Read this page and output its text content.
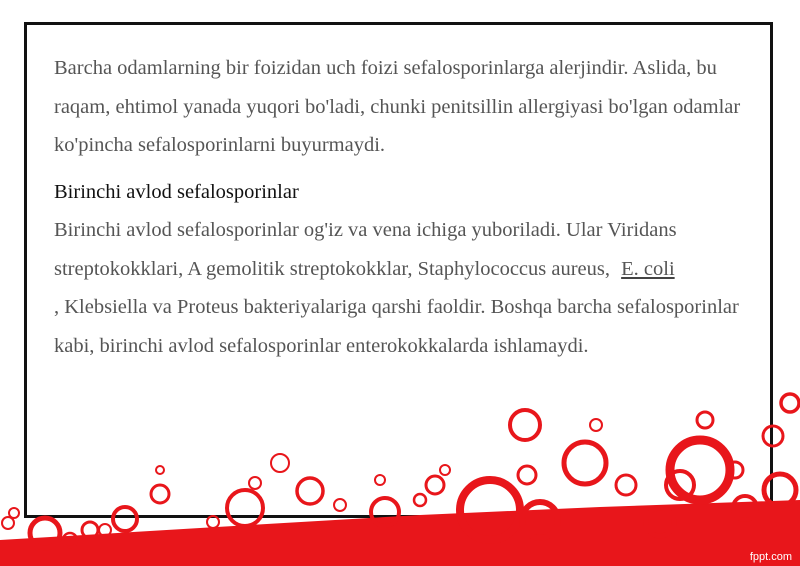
Barcha odamlarning bir foizidan uch foizi sefalosporinlarga alerjindir. Aslida, bu raqam, ehtimol yanada yuqori bo'ladi, chunki penitsillin allergiyasi bo'lgan odamlar ko'pincha sefalosporinlarni buyurmaydi.

Birinchi avlod sefalosporinlar

Birinchi avlod sefalosporinlar og'iz va vena ichiga yuboriladi. Ular Viridans streptokokklari, A gemolitik streptokokklar, Staphylococcus aureus, E. coli
, Klebsiella va Proteus bakteriyalariga qarshi faoldir. Boshqa barcha sefalosporinlar kabi, birinchi avlod sefalosporinlar enterokokkalarda ishlamaydi.

fppt.com
